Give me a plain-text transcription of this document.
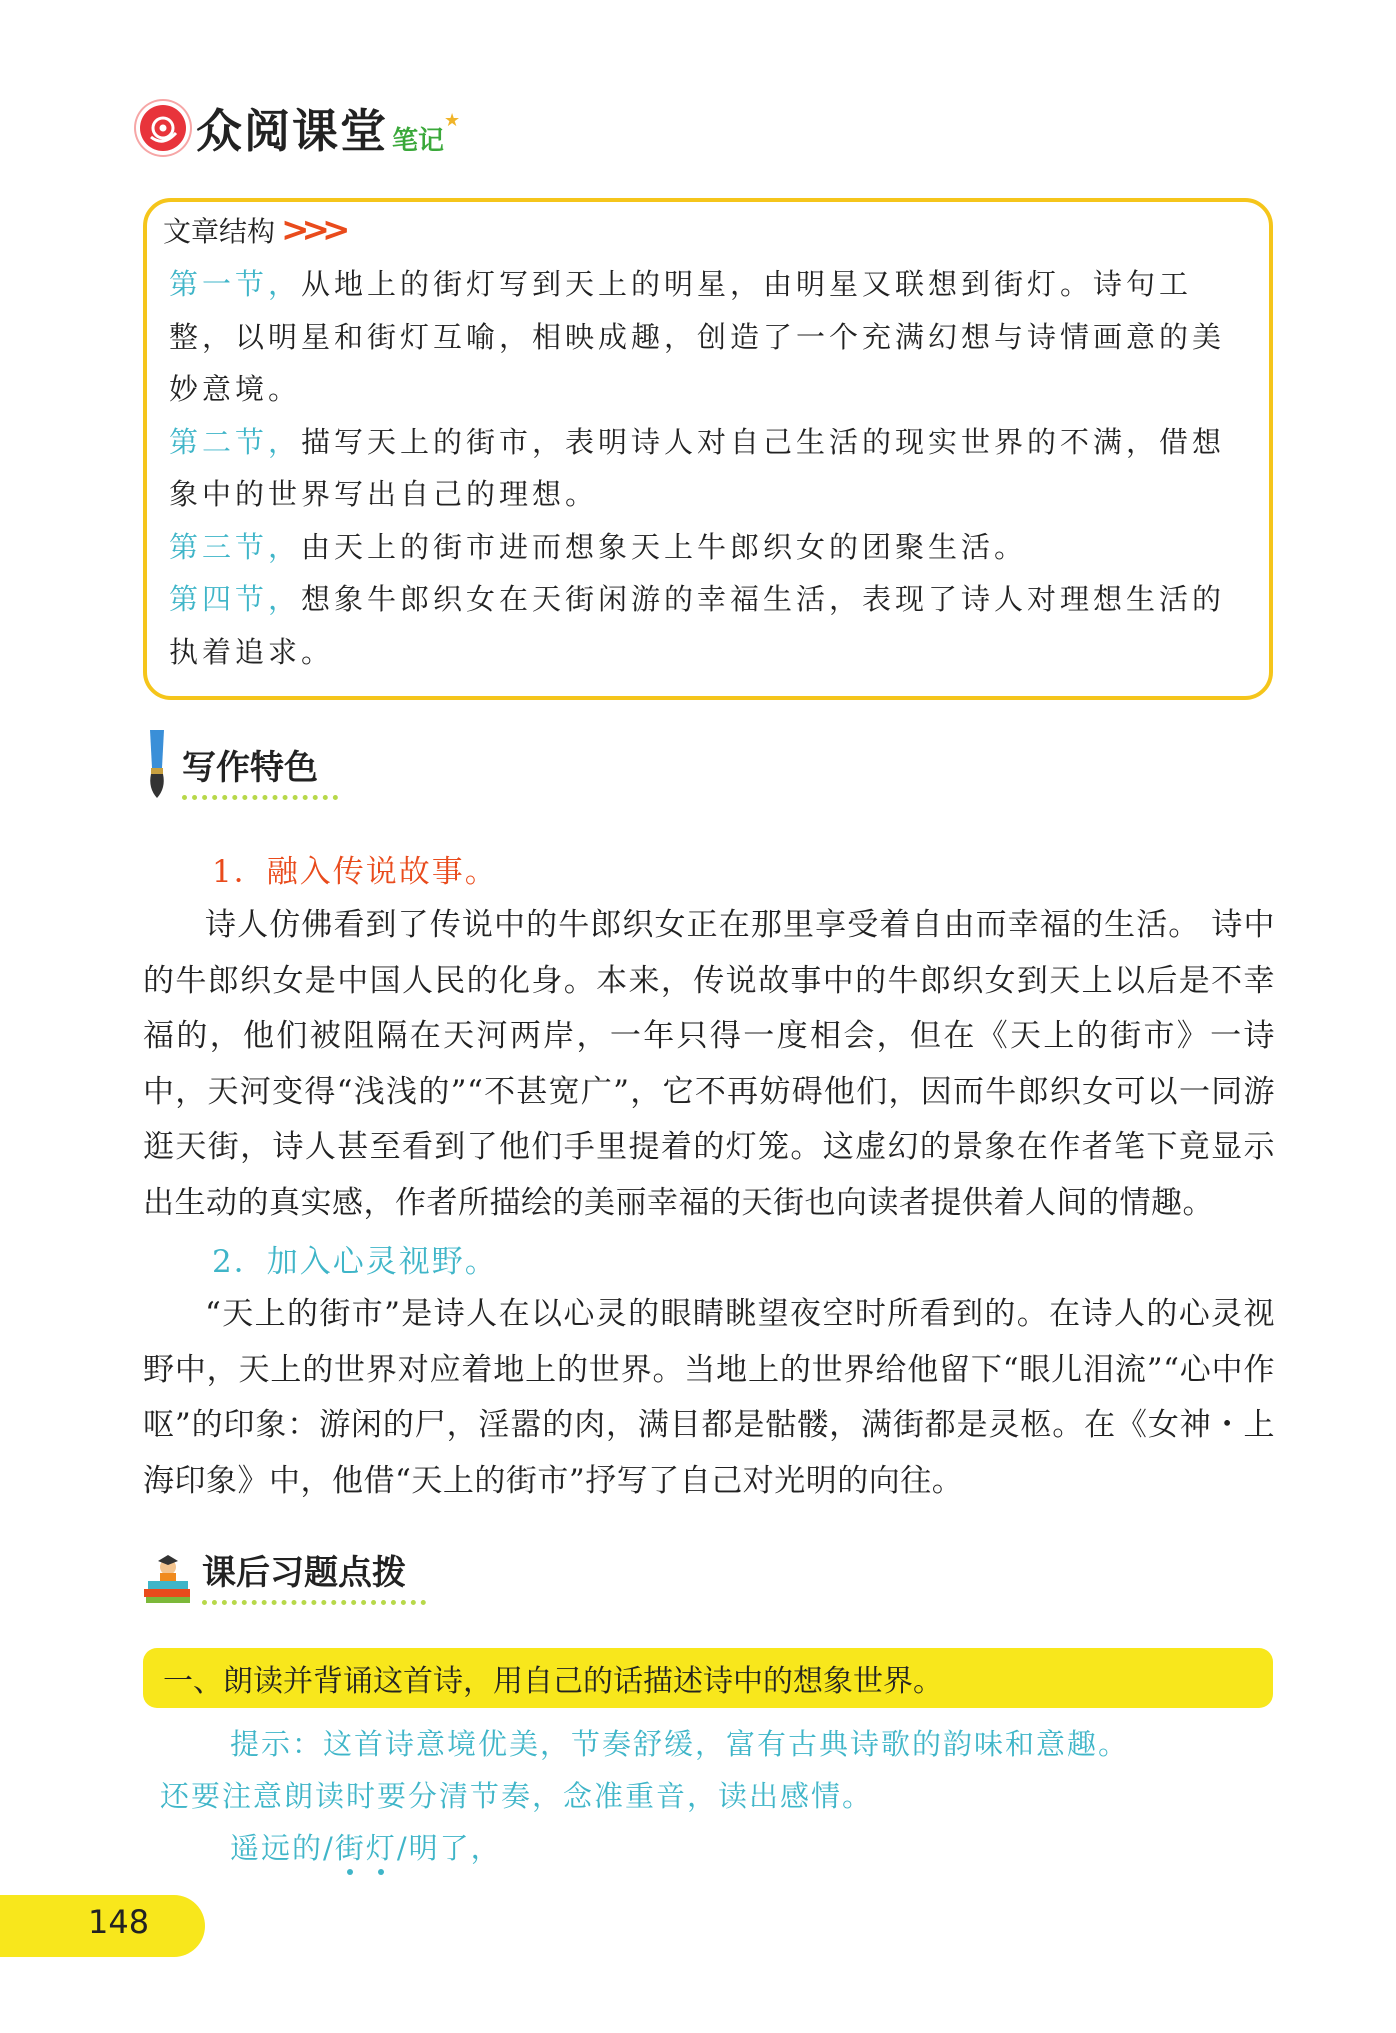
众阅课堂 笔记
★
文章结构 >>>
第一节，从地上的街灯写到天上的明星，由明星又联想到街灯。诗句工整，以明星和街灯互喻，相映成趣，创造了一个充满幻想与诗情画意的美妙意境。
第二节，描写天上的街市，表明诗人对自己生活的现实世界的不满，借想象中的世界写出自己的理想。
第三节，由天上的街市进而想象天上牛郎织女的团聚生活。
第四节，想象牛郎织女在天街闲游的幸福生活，表现了诗人对理想生活的执着追求。
写作特色
1．融入传说故事。

诗人仿佛看到了传说中的牛郎织女正在那里享受着自由而幸福的生活。 诗中的牛郎织女是中国人民的化身。本来，传说故事中的牛郎织女到天上以后是不幸福的，他们被阻隔在天河两岸，一年只得一度相会，但在《天上的街市》一诗中，天河变得“浅浅的”“不甚宽广”，它不再妨碍他们，因而牛郎织女可以一同游逛天街，诗人甚至看到了他们手里提着的灯笼。这虚幻的景象在作者笔下竟显示出生动的真实感，作者所描绘的美丽幸福的天街也向读者提供着人间的情趣。

2．加入心灵视野。

“天上的街市”是诗人在以心灵的眼睛眺望夜空时所看到的。在诗人的心灵视野中，天上的世界对应着地上的世界。当地上的世界给他留下“眼儿泪流”“心中作呕”的印象：游闲的尸，淫嚣的肉，满目都是骷髅，满街都是灵柩。在《女神・上海印象》中，他借“天上的街市”抒写了自己对光明的向往。

课后习题点拨
一、朗读并背诵这首诗，用自己的话描述诗中的想象世界。
提示：这首诗意境优美，节奏舒缓，富有古典诗歌的韵味和意趣。
还要注意朗读时要分清节奏，念准重音，读出感情。
遥远的/街灯/明了，
148
